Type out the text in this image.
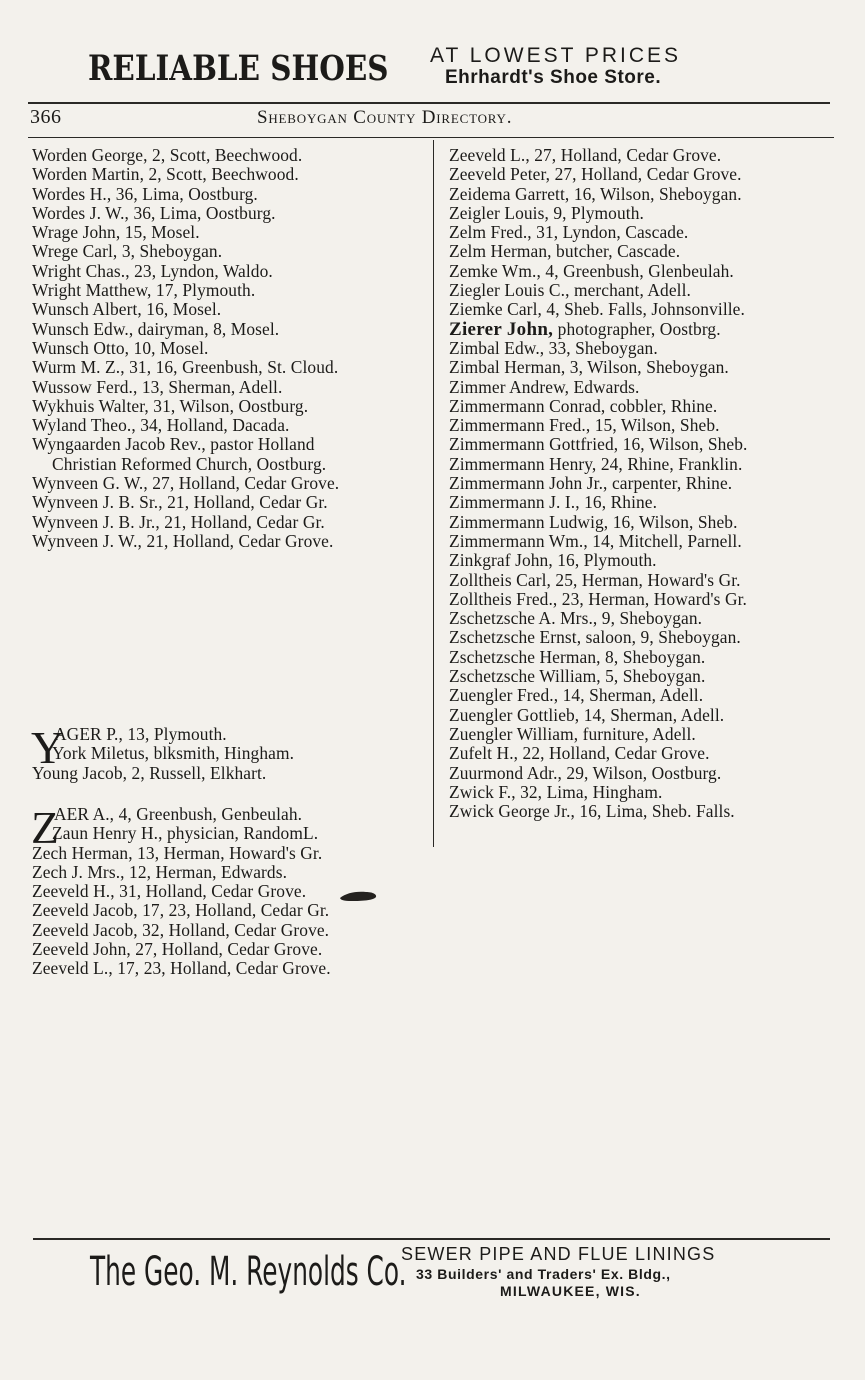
RELIABLE SHOES AT LOWEST PRICES
Ehrhardt's Shoe Store.
366	Sheboygan County Directory.
Worden George, 2, Scott, Beechwood.
Worden Martin, 2, Scott, Beechwood.
Wordes H., 36, Lima, Oostburg.
Wordes J. W., 36, Lima, Oostburg.
Wrage John, 15, Mosel.
Wrege Carl, 3, Sheboygan.
Wright Chas., 23, Lyndon, Waldo.
Wright Matthew, 17, Plymouth.
Wunsch Albert, 16, Mosel.
Wunsch Edw., dairyman, 8, Mosel.
Wunsch Otto, 10, Mosel.
Wurm M. Z., 31, 16, Greenbush, St. Cloud.
Wussow Ferd., 13, Sherman, Adell.
Wykhuis Walter, 31, Wilson, Oostburg.
Wyland Theo., 34, Holland, Dacada.
Wyngaarden Jacob Rev., pastor Holland
Christian Reformed Church, Oostburg.
Wynveen G. W., 27, Holland, Cedar Grove.
Wynveen J. B. Sr., 21, Holland, Cedar Gr.
Wynveen J. B. Jr., 21, Holland, Cedar Gr.
Wynveen J. W., 21, Holland, Cedar Grove.
Y
AGER P., 13, Plymouth.
York Miletus, blksmith, Hingham.
Young Jacob, 2, Russell, Elkhart.
Z
AER A., 4, Greenbush, Genbeulah.
Zaun Henry H., physician, RandomL.
Zech Herman, 13, Herman, Howard's Gr.
Zech J. Mrs., 12, Herman, Edwards.
Zeeveld H., 31, Holland, Cedar Grove.
Zeeveld Jacob, 17, 23, Holland, Cedar Gr.
Zeeveld Jacob, 32, Holland, Cedar Grove.
Zeeveld John, 27, Holland, Cedar Grove.
Zeeveld L., 17, 23, Holland, Cedar Grove.
Zeeveld L., 27, Holland, Cedar Grove.
Zeeveld Peter, 27, Holland, Cedar Grove.
Zeidema Garrett, 16, Wilson, Sheboygan.
Zeigler Louis, 9, Plymouth.
Zelm Fred., 31, Lyndon, Cascade.
Zelm Herman, butcher, Cascade.
Zemke Wm., 4, Greenbush, Glenbeulah.
Ziegler Louis C., merchant, Adell.
Ziemke Carl, 4, Sheb. Falls, Johnsonville.
Zierer John, photographer, Oostbrg.
Zimbal Edw., 33, Sheboygan.
Zimbal Herman, 3, Wilson, Sheboygan.
Zimmer Andrew, Edwards.
Zimmermann Conrad, cobbler, Rhine.
Zimmermann Fred., 15, Wilson, Sheb.
Zimmermann Gottfried, 16, Wilson, Sheb.
Zimmermann Henry, 24, Rhine, Franklin.
Zimmermann John Jr., carpenter, Rhine.
Zimmermann J. I., 16, Rhine.
Zimmermann Ludwig, 16, Wilson, Sheb.
Zimmermann Wm., 14, Mitchell, Parnell.
Zinkgraf John, 16, Plymouth.
Zolltheis Carl, 25, Herman, Howard's Gr.
Zolltheis Fred., 23, Herman, Howard's Gr.
Zschetzsche A. Mrs., 9, Sheboygan.
Zschetzsche Ernst, saloon, 9, Sheboygan.
Zschetzsche Herman, 8, Sheboygan.
Zschetzsche William, 5, Sheboygan.
Zuengler Fred., 14, Sherman, Adell.
Zuengler Gottlieb, 14, Sherman, Adell.
Zuengler William, furniture, Adell.
Zufelt H., 22, Holland, Cedar Grove.
Zuurmond Adr., 29, Wilson, Oostburg.
Zwick F., 32, Lima, Hingham.
Zwick George Jr., 16, Lima, Sheb. Falls.
The Geo. M. Reynolds Co.
SEWER PIPE AND FLUE LININGS
33 Builders' and Traders' Ex. Bldg.,
MILWAUKEE, WIS.
